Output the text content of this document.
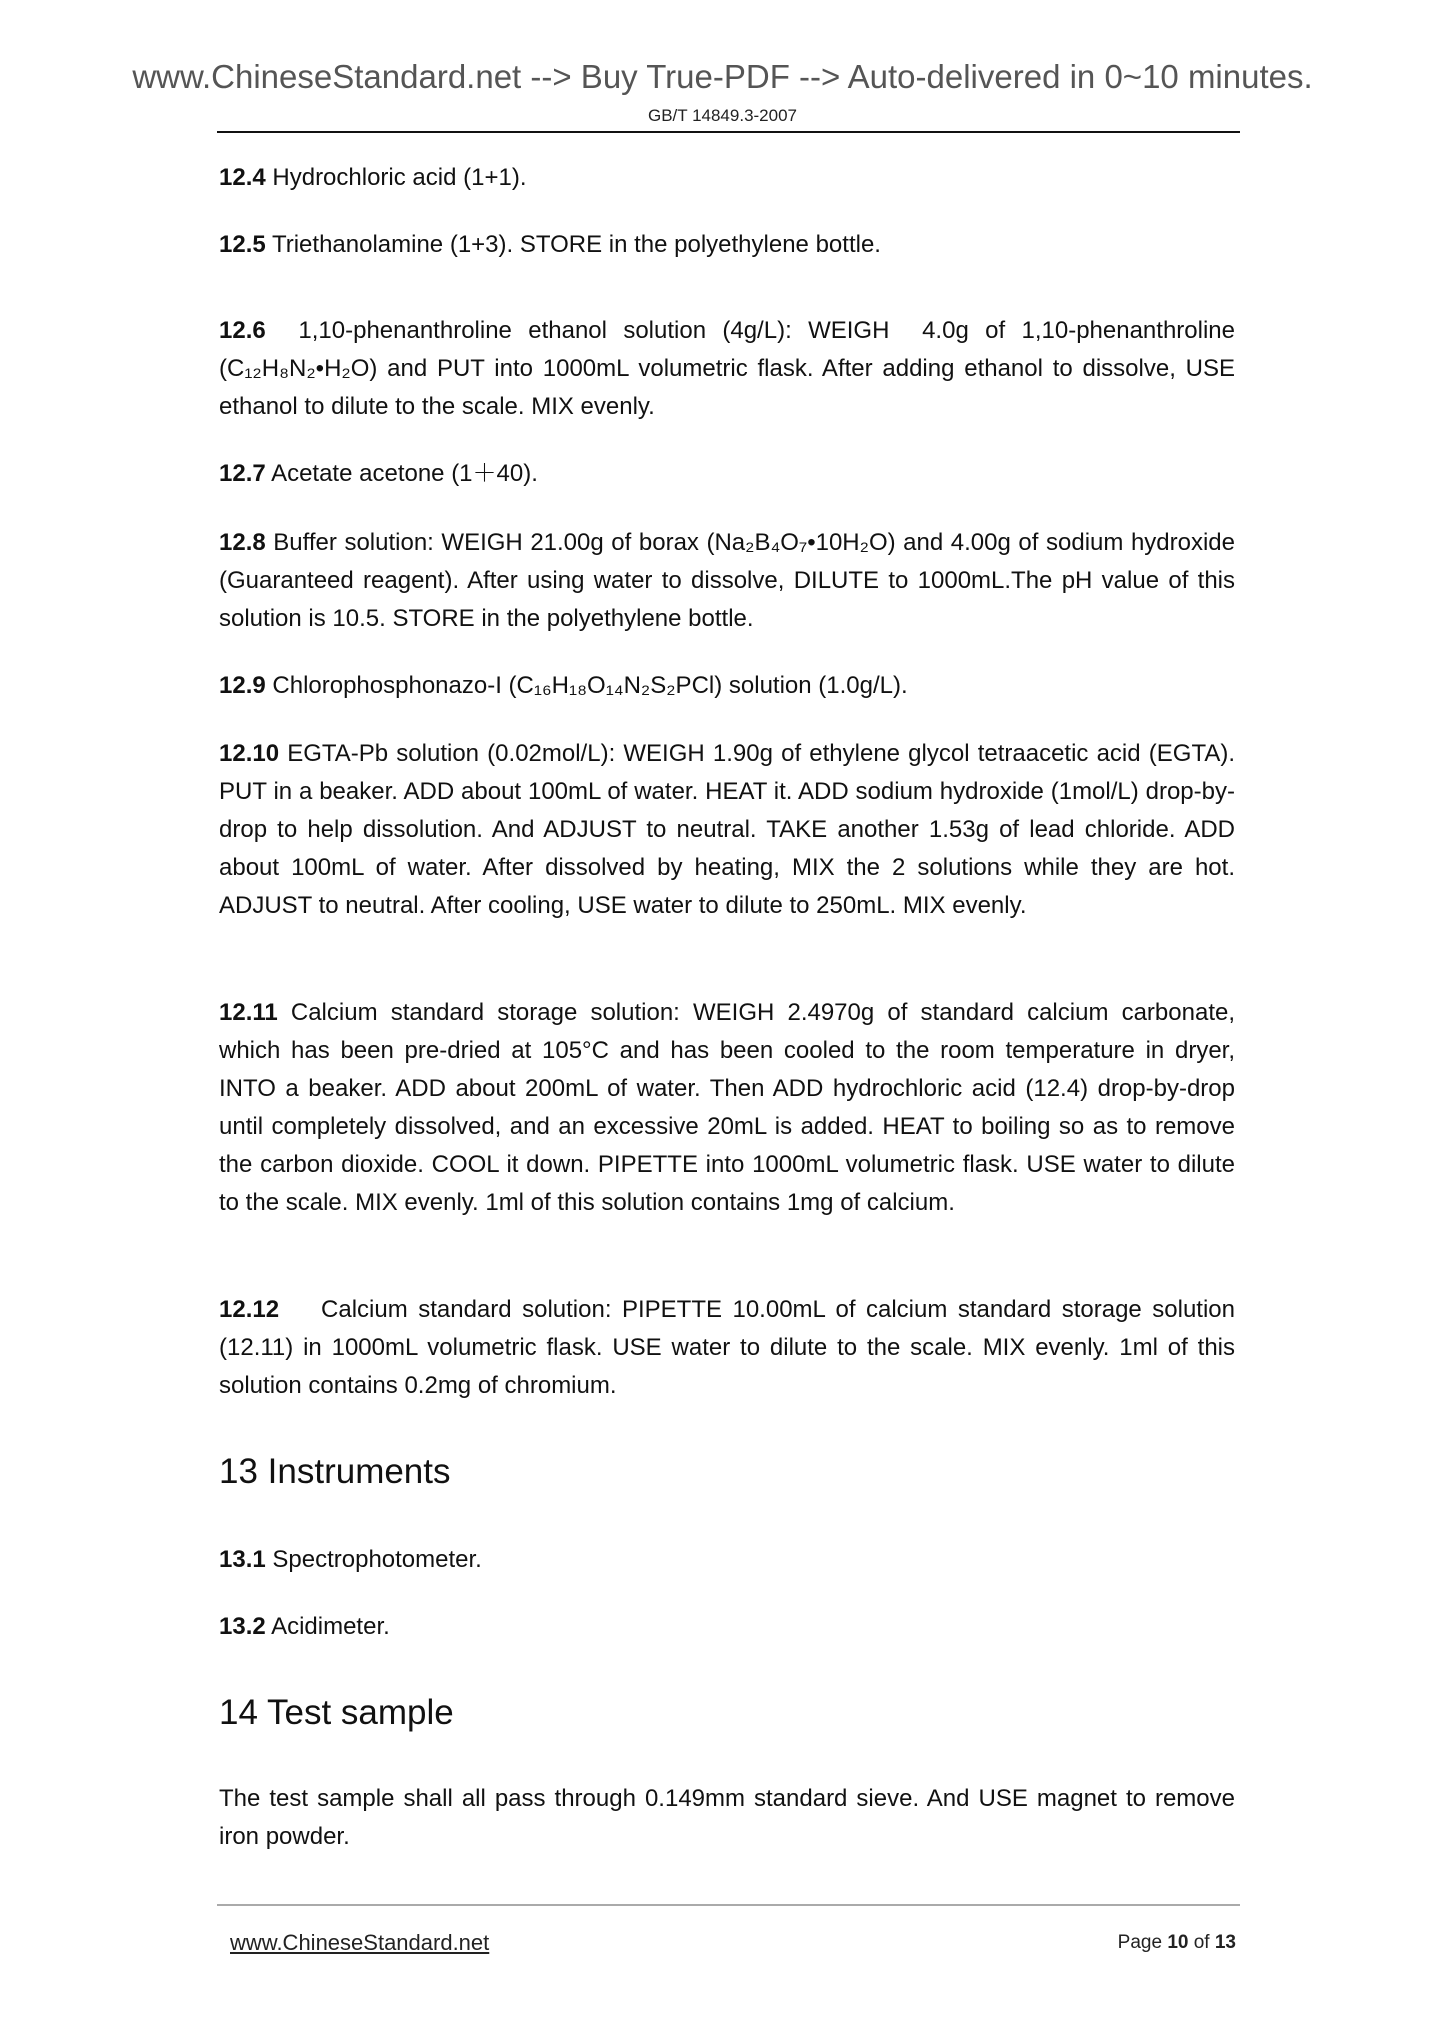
www.ChineseStandard.net --> Buy True-PDF --> Auto-delivered in 0~10 minutes.
GB/T 14849.3-2007

12.4 Hydrochloric acid (1+1).

12.5 Triethanolamine (1+3). STORE in the polyethylene bottle.

12.6  1,10-phenanthroline ethanol solution (4g/L): WEIGH  4.0g of 1,10-phenanthroline (C₁₂H₈N₂•H₂O) and PUT into 1000mL volumetric flask. After adding ethanol to dissolve, USE ethanol to dilute to the scale. MIX evenly.

12.7 Acetate acetone (1＋40).

12.8 Buffer solution: WEIGH 21.00g of borax (Na₂B₄O₇•10H₂O) and 4.00g of sodium hydroxide (Guaranteed reagent). After using water to dissolve, DILUTE to 1000mL.The pH value of this solution is 10.5. STORE in the polyethylene bottle.

12.9 Chlorophosphonazo-I (C₁₆H₁₈O₁₄N₂S₂PCl) solution (1.0g/L).

12.10 EGTA-Pb solution (0.02mol/L): WEIGH 1.90g of ethylene glycol tetraacetic acid (EGTA). PUT in a beaker. ADD about 100mL of water. HEAT it. ADD sodium hydroxide (1mol/L) drop-by-drop to help dissolution. And ADJUST to neutral. TAKE another 1.53g of lead chloride. ADD about 100mL of water. After dissolved by heating, MIX the 2 solutions while they are hot. ADJUST to neutral. After cooling, USE water to dilute to 250mL. MIX evenly.

12.11 Calcium standard storage solution: WEIGH 2.4970g of standard calcium carbonate, which has been pre-dried at 105°C and has been cooled to the room temperature in dryer, INTO a beaker. ADD about 200mL of water. Then ADD hydrochloric acid (12.4) drop-by-drop until completely dissolved, and an excessive 20mL is added. HEAT to boiling so as to remove the carbon dioxide. COOL it down. PIPETTE into 1000mL volumetric flask. USE water to dilute to the scale. MIX evenly. 1ml of this solution contains 1mg of calcium.

12.12    Calcium standard solution: PIPETTE 10.00mL of calcium standard storage solution (12.11) in 1000mL volumetric flask. USE water to dilute to the scale. MIX evenly. 1ml of this solution contains 0.2mg of chromium.

13 Instruments

13.1 Spectrophotometer.

13.2 Acidimeter.

14 Test sample

The test sample shall all pass through 0.149mm standard sieve. And USE magnet to remove iron powder.

www.ChineseStandard.net	Page 10 of 13
